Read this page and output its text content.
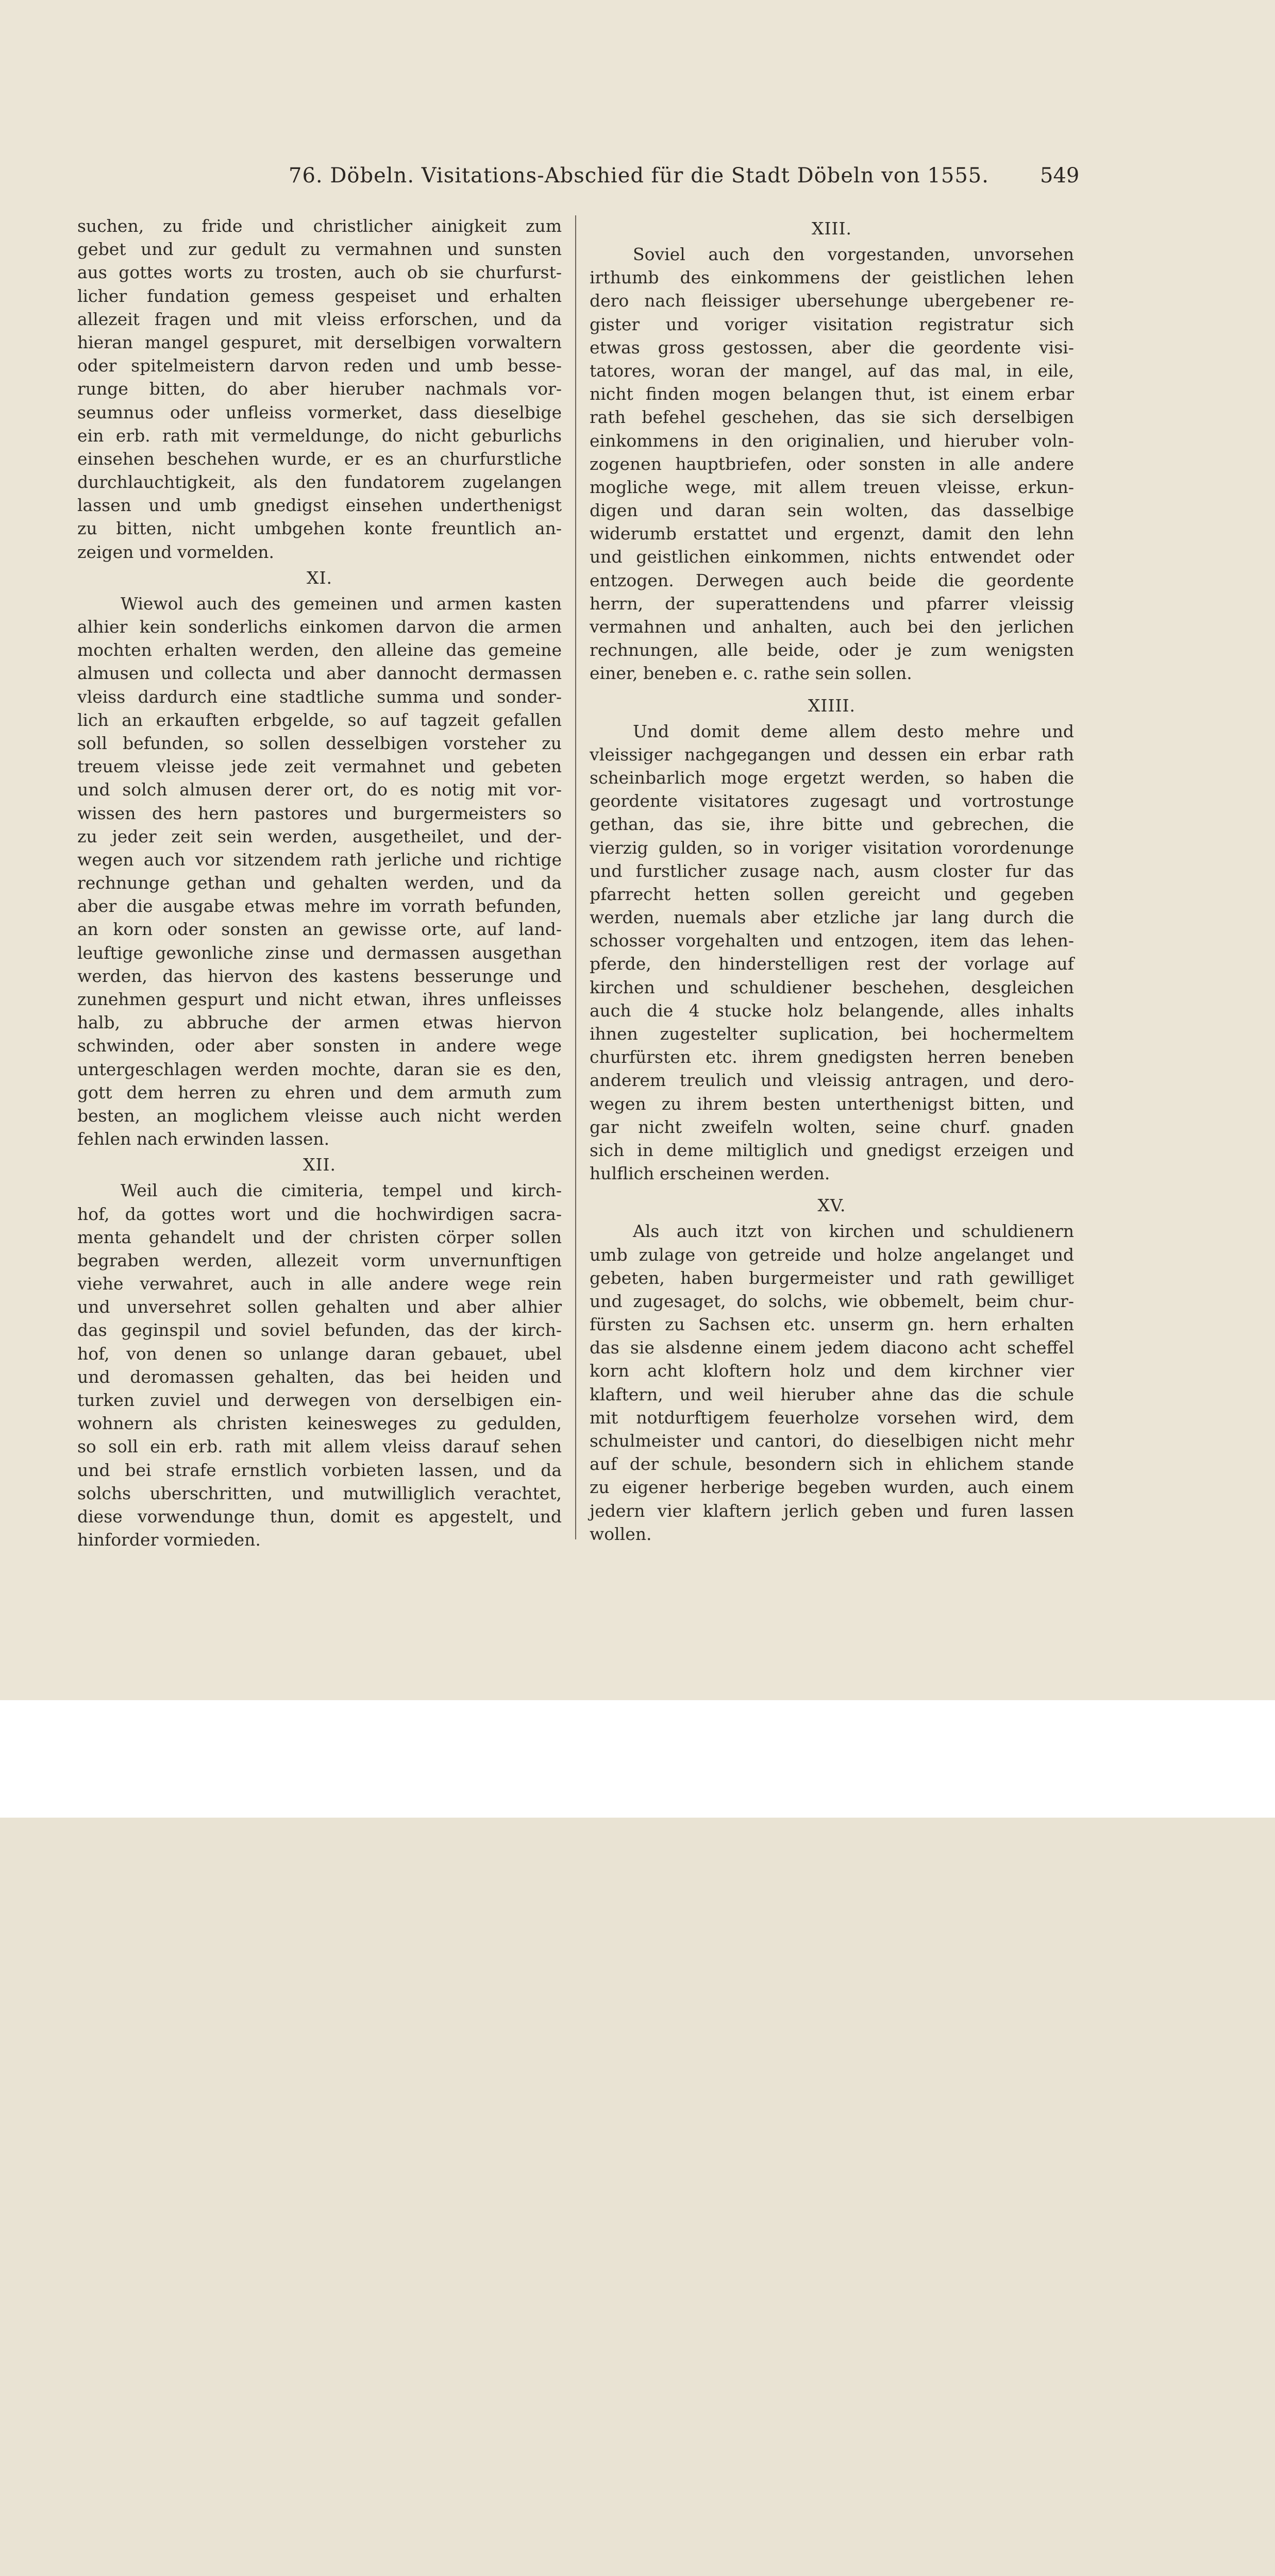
76. Döbeln. Visitations-Abschied für die Stadt Döbeln von 1555.	549
suchen, zu fride und christlicher ainigkeit zum
gebet und zur gedult zu vermahnen und sunsten
aus gottes worts zu trosten, auch ob sie churfurst-
licher fundation gemess gespeiset und erhalten
allezeit fragen und mit vleiss erforschen, und da
hieran mangel gespuret, mit derselbigen vorwaltern
oder spitelmeistern darvon reden und umb besse-
runge bitten, do aber hieruber nachmals vor-
seumnus oder unfleiss vormerket, dass dieselbige
ein erb. rath mit vermeldunge, do nicht geburlichs
einsehen beschehen wurde, er es an churfurstliche
durchlauchtigkeit, als den fundatorem zugelangen
lassen und umb gnedigst einsehen underthenigst
zu bitten, nicht umbgehen konte freuntlich an-
zeigen und vormelden.
XI.
Wiewol auch des gemeinen und armen kasten
alhier kein sonderlichs einkomen darvon die armen
mochten erhalten werden, den alleine das gemeine
almusen und collecta und aber dannocht dermassen
vleiss dardurch eine stadtliche summa und sonder-
lich an erkauften erbgelde, so auf tagzeit gefallen
soll befunden, so sollen desselbigen vorsteher zu
treuem vleisse jede zeit vermahnet und gebeten
und solch almusen derer ort, do es notig mit vor-
wissen des hern pastores und burgermeisters so
zu jeder zeit sein werden, ausgetheilet, und der-
wegen auch vor sitzendem rath jerliche und richtige
rechnunge gethan und gehalten werden, und da
aber die ausgabe etwas mehre im vorrath befunden,
an korn oder sonsten an gewisse orte, auf land-
leuftige gewonliche zinse und dermassen ausgethan
werden, das hiervon des kastens besserunge und
zunehmen gespurt und nicht etwan, ihres unfleisses
halb, zu abbruche der armen etwas hiervon
schwinden, oder aber sonsten in andere wege
untergeschlagen werden mochte, daran sie es den,
gott dem herren zu ehren und dem armuth zum
besten, an moglichem vleisse auch nicht werden
fehlen nach erwinden lassen.
XII.
Weil auch die cimiteria, tempel und kirch-
hof, da gottes wort und die hochwirdigen sacra-
menta gehandelt und der christen cörper sollen
begraben werden, allezeit vorm unvernunftigen
viehe verwahret, auch in alle andere wege rein
und unversehret sollen gehalten und aber alhier
das geginspil und soviel befunden, das der kirch-
hof, von denen so unlange daran gebauet, ubel
und deromassen gehalten, das bei heiden und
turken zuviel und derwegen von derselbigen ein-
wohnern als christen keinesweges zu gedulden,
so soll ein erb. rath mit allem vleiss darauf sehen
und bei strafe ernstlich vorbieten lassen, und da
solchs uberschritten, und mutwilliglich verachtet,
diese vorwendunge thun, domit es apgestelt, und
hinforder vormieden.
XIII.
Soviel auch den vorgestanden, unvorsehen
irthumb des einkommens der geistlichen lehen
dero nach fleissiger ubersehunge ubergebener re-
gister und voriger visitation registratur sich
etwas gross gestossen, aber die geordente visi-
tatores, woran der mangel, auf das mal, in eile,
nicht finden mogen belangen thut, ist einem erbar
rath befehel geschehen, das sie sich derselbigen
einkommens in den originalien, und hieruber voln-
zogenen hauptbriefen, oder sonsten in alle andere
mogliche wege, mit allem treuen vleisse, erkun-
digen und daran sein wolten, das dasselbige
widerumb erstattet und ergenzt, damit den lehn
und geistlichen einkommen, nichts entwendet oder
entzogen. Derwegen auch beide die geordente
herrn, der superattendens und pfarrer vleissig
vermahnen und anhalten, auch bei den jerlichen
rechnungen, alle beide, oder je zum wenigsten
einer, beneben e. c. rathe sein sollen.
XIIII.
Und domit deme allem desto mehre und
vleissiger nachgegangen und dessen ein erbar rath
scheinbarlich moge ergetzt werden, so haben die
geordente visitatores zugesagt und vortrostunge
gethan, das sie, ihre bitte und gebrechen, die
vierzig gulden, so in voriger visitation vorordenunge
und furstlicher zusage nach, ausm closter fur das
pfarrecht hetten sollen gereicht und gegeben
werden, nuemals aber etzliche jar lang durch die
schosser vorgehalten und entzogen, item das lehen-
pferde, den hinderstelligen rest der vorlage auf
kirchen und schuldiener beschehen, desgleichen
auch die 4 stucke holz belangende, alles inhalts
ihnen zugestelter suplication, bei hochermeltem
churfürsten etc. ihrem gnedigsten herren beneben
anderem treulich und vleissig antragen, und dero-
wegen zu ihrem besten unterthenigst bitten, und
gar nicht zweifeln wolten, seine churf. gnaden
sich in deme miltiglich und gnedigst erzeigen und
hulflich erscheinen werden.
XV.
Als auch itzt von kirchen und schuldienern
umb zulage von getreide und holze angelanget und
gebeten, haben burgermeister und rath gewilliget
und zugesaget, do solchs, wie obbemelt, beim chur-
fürsten zu Sachsen etc. unserm gn. hern erhalten
das sie alsdenne einem jedem diacono acht scheffel
korn acht kloftern holz und dem kirchner vier
klaftern, und weil hieruber ahne das die schule
mit notdurftigem feuerholze vorsehen wird, dem
schulmeister und cantori, do dieselbigen nicht mehr
auf der schule, besondern sich in ehlichem stande
zu eigener herberige begeben wurden, auch einem
jedern vier klaftern jerlich geben und furen lassen
wollen.
